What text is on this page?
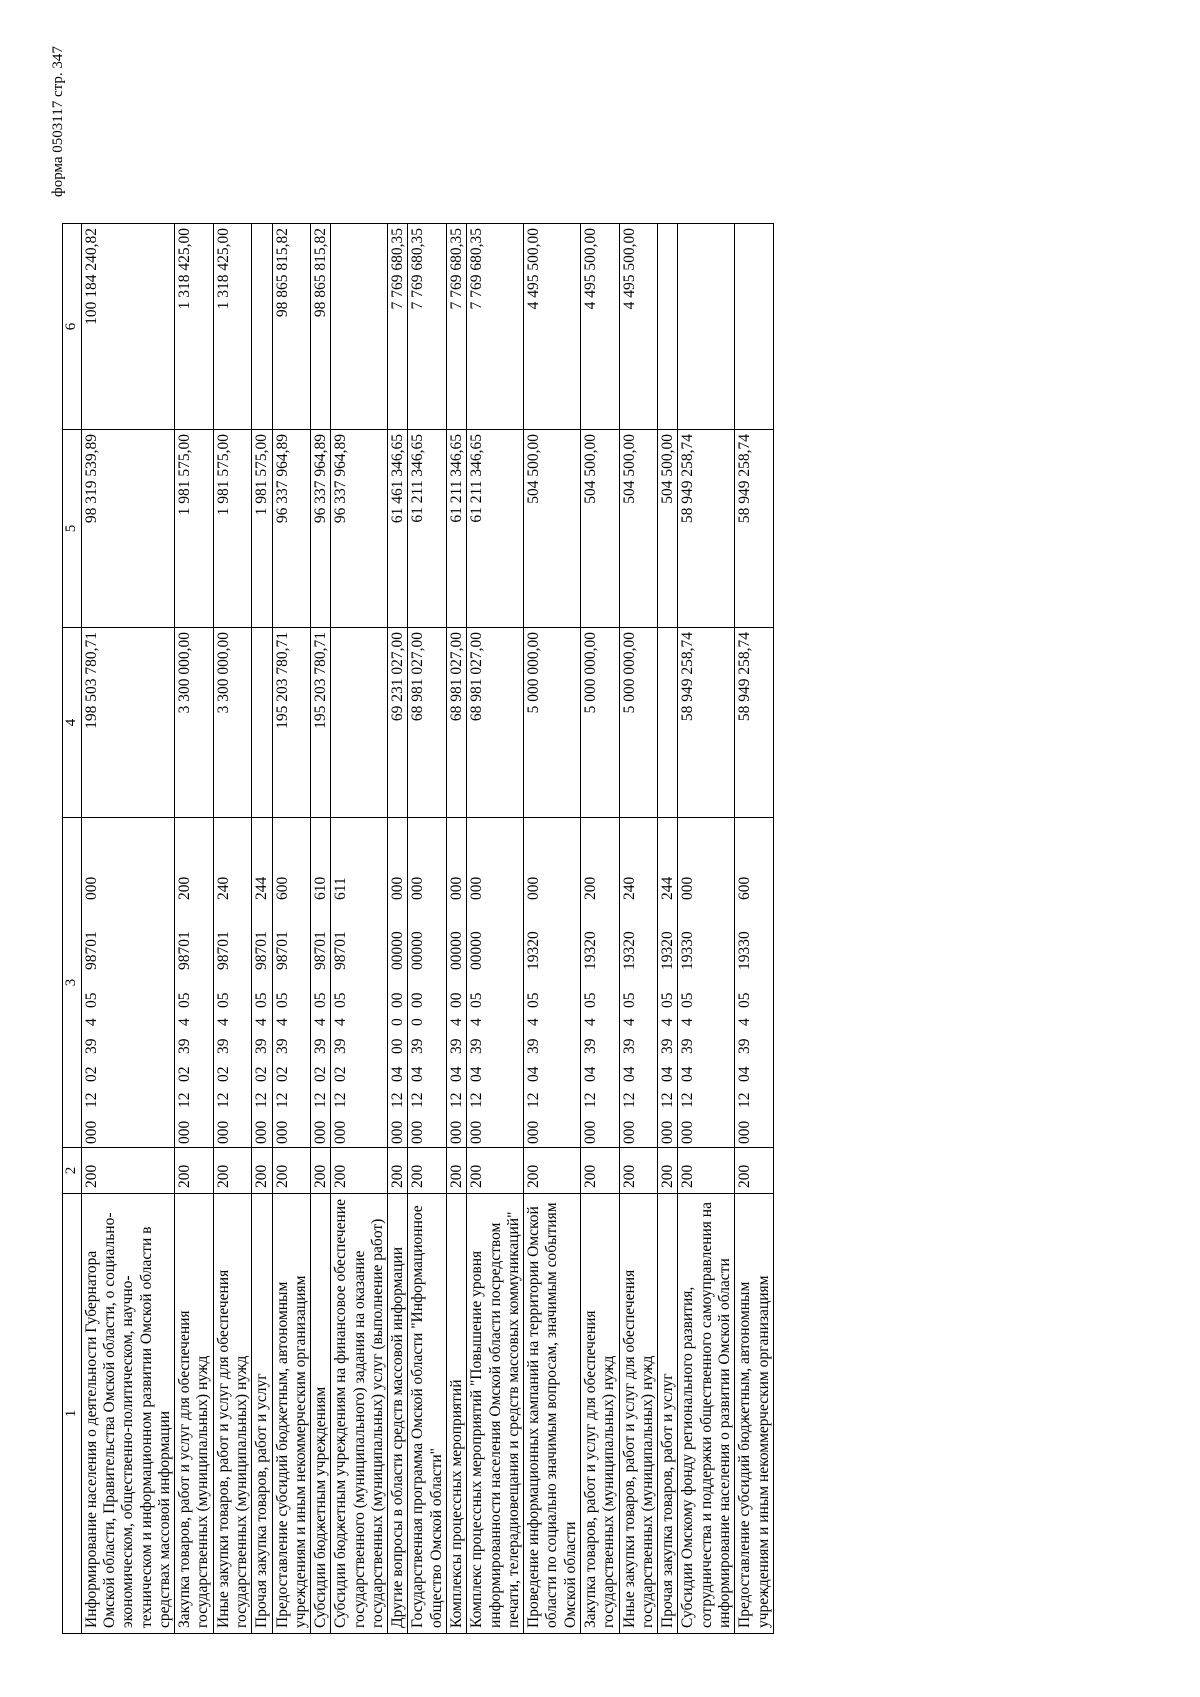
форма 0503117 стр. 347
1	2	3	4	5	6
Информирование населения о деятельности Губернатора Омской области, Правительства Омской области, о социально-экономическом, общественно-политическом, научно-техническом и информационном развитии Омской области в средствах массовой информации	200	00012023940598701000	198 503 780,71	98 319 539,89	100 184 240,82
Закупка товаров, работ и услуг для обеспечения государственных (муниципальных) нужд	200	00012023940598701200	3 300 000,00	1 981 575,00	1 318 425,00
Иные закупки товаров, работ и услуг для обеспечения государственных (муниципальных) нужд	200	00012023940598701240	3 300 000,00	1 981 575,00	1 318 425,00
Прочая закупка товаров, работ и услуг	200	00012023940598701244		1 981 575,00	
Предоставление субсидий бюджетным, автономным учреждениям и иным некоммерческим организациям	200	00012023940598701600	195 203 780,71	96 337 964,89	98 865 815,82
Субсидии бюджетным учреждениям	200	00012023940598701610	195 203 780,71	96 337 964,89	98 865 815,82
Субсидии бюджетным учреждениям на финансовое обеспечение государственного (муниципального) задания на оказание государственных (муниципальных) услуг (выполнение работ)	200	00012023940598701611		96 337 964,89	
Другие вопросы в области средств массовой информации	200	00012040000000000000	69 231 027,00	61 461 346,65	7 769 680,35
Государственная программа Омской области "Информационное общество Омской области"	200	00012043900000000000	68 981 027,00	61 211 346,65	7 769 680,35
Комплексы процессных мероприятий	200	00012043940000000000	68 981 027,00	61 211 346,65	7 769 680,35
Комплекс процессных мероприятий "Повышение уровня информированности населения Омской области посредством печати, телерадиовещания и средств массовых коммуникаций"	200	00012043940500000000	68 981 027,00	61 211 346,65	7 769 680,35
Проведение информационных кампаний на территории Омской области по социально значимым вопросам, значимым событиям Омской области	200	00012043940519320000	5 000 000,00	504 500,00	4 495 500,00
Закупка товаров, работ и услуг для обеспечения государственных (муниципальных) нужд	200	00012043940519320200	5 000 000,00	504 500,00	4 495 500,00
Иные закупки товаров, работ и услуг для обеспечения государственных (муниципальных) нужд	200	00012043940519320240	5 000 000,00	504 500,00	4 495 500,00
Прочая закупка товаров, работ и услуг	200	00012043940519320244		504 500,00	
Субсидии Омскому фонду регионального развития, сотрудничества и поддержки общественного самоуправления на информирование населения о развитии Омской области	200	00012043940519330000	58 949 258,74	58 949 258,74	
Предоставление субсидий бюджетным, автономным учреждениям и иным некоммерческим организациям	200	00012043940519330600	58 949 258,74	58 949 258,74	
